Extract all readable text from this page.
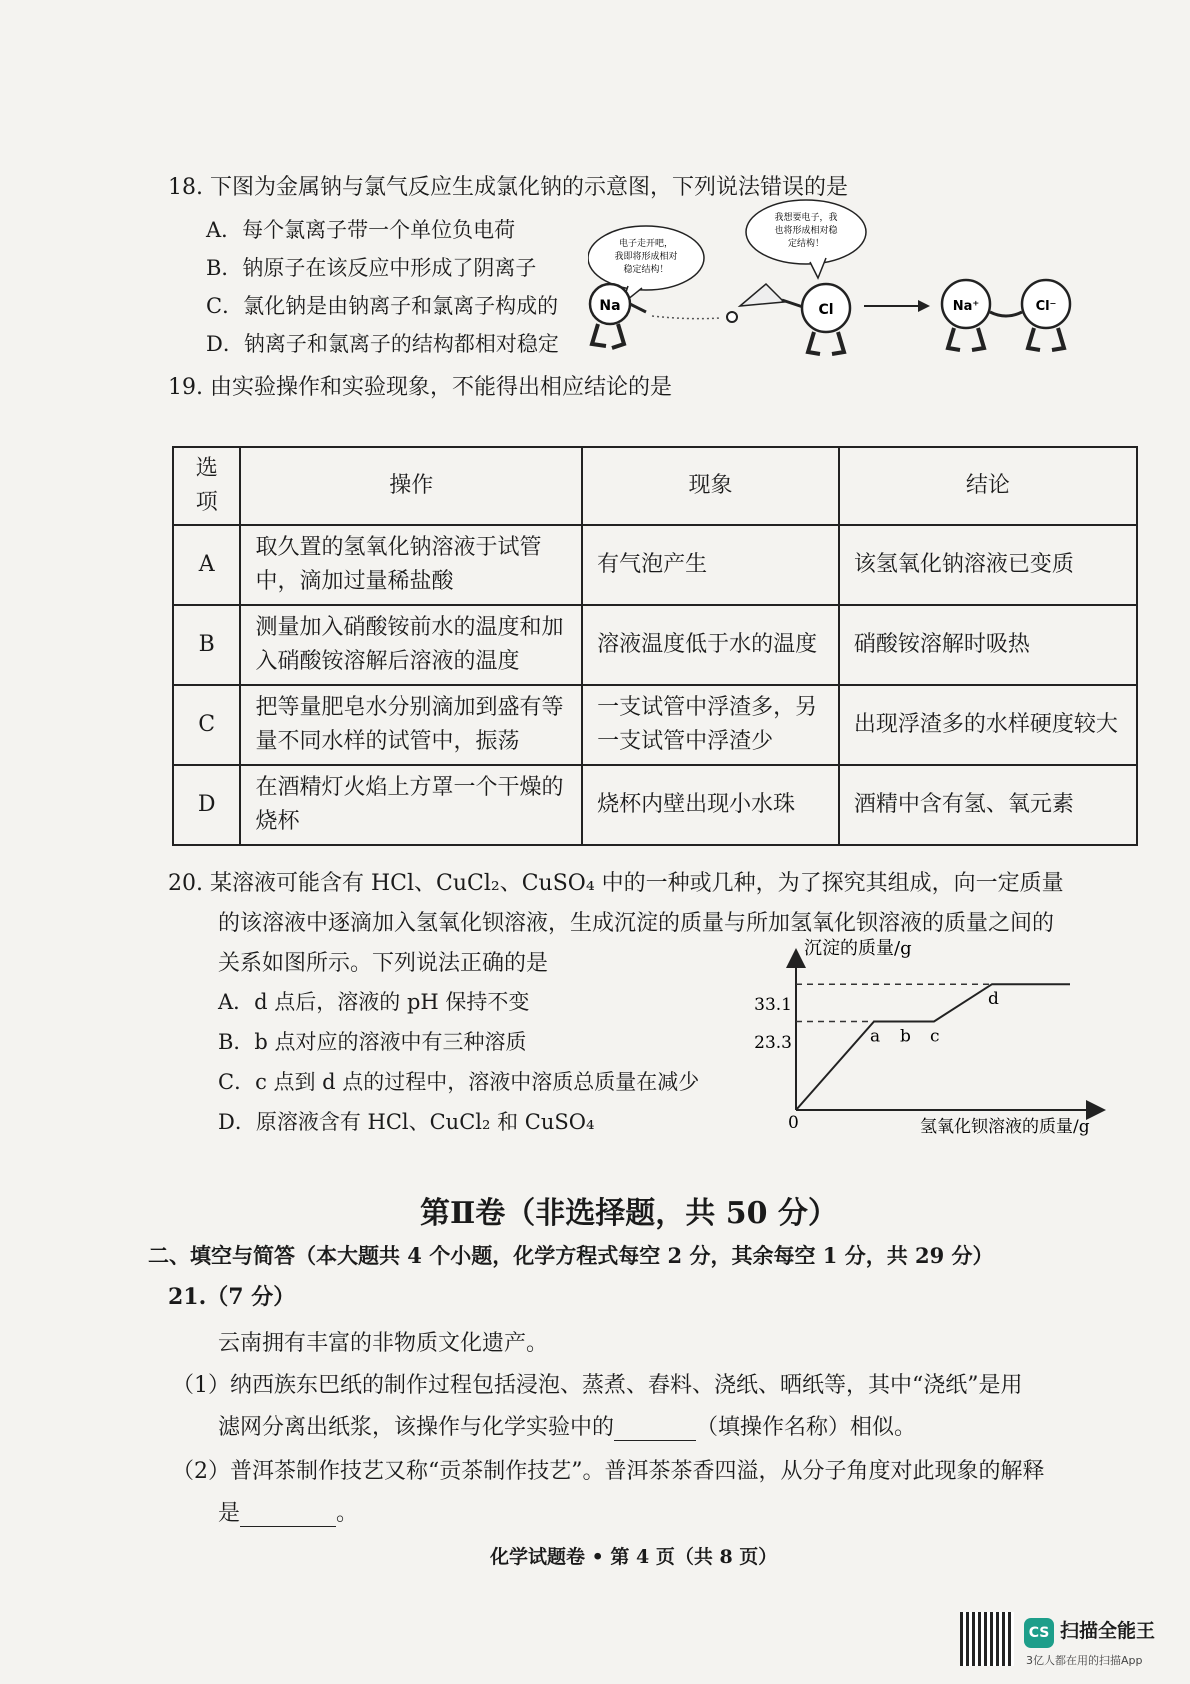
18. 下图为金属钠与氯气反应生成氯化钠的示意图，下列说法错误的是
A．每个氯离子带一个单位负电荷
B．钠原子在该反应中形成了阴离子
C．氯化钠是由钠离子和氯离子构成的
D．钠离子和氯离子的结构都相对稳定
电子走开吧，
我即将形成相对
稳定结构！
Na
我想要电子，我
也将形成相对稳
定结构！
Cl	Na⁺	Cl⁻
19. 由实验操作和实验现象，不能得出相应结论的是
选项	操作	现象	结论
A	取久置的氢氧化钠溶液于试管中，滴加过量稀盐酸	有气泡产生	该氢氧化钠溶液已变质
B	测量加入硝酸铵前水的温度和加入硝酸铵溶解后溶液的温度	溶液温度低于水的温度	硝酸铵溶解时吸热
C	把等量肥皂水分别滴加到盛有等量不同水样的试管中，振荡	一支试管中浮渣多，另一支试管中浮渣少	出现浮渣多的水样硬度较大
D	在酒精灯火焰上方罩一个干燥的烧杯	烧杯内壁出现小水珠	酒精中含有氢、氧元素
20. 某溶液可能含有 HCl、CuCl₂、CuSO₄ 中的一种或几种，为了探究其组成，向一定质量
的该溶液中逐滴加入氢氧化钡溶液，生成沉淀的质量与所加氢氧化钡溶液的质量之间的
关系如图所示。下列说法正确的是
A．d 点后，溶液的 pH 保持不变
B．b 点对应的溶液中有三种溶质
C．c 点到 d 点的过程中，溶液中溶质总质量在减少
D．原溶液含有 HCl、CuCl₂ 和 CuSO₄
沉淀的质量/g
氢氧化钡溶液的质量/g
0
33.1
23.3	a b c
d
第Ⅱ卷（非选择题，共 50 分）
二、填空与简答（本大题共 4 个小题，化学方程式每空 2 分，其余每空 1 分，共 29 分）
21.（7 分）
云南拥有丰富的非物质文化遗产。
（1）纳西族东巴纸的制作过程包括浸泡、蒸煮、舂料、浇纸、晒纸等，其中“浇纸”是用
滤网分离出纸浆，该操作与化学实验中的	（填操作名称）相似。
（2）普洱茶制作技艺又称“贡茶制作技艺”。普洱茶茶香四溢，从分子角度对此现象的解释
是	。
化学试题卷 • 第 4 页（共 8 页）
CS 扫描全能王
3亿人都在用的扫描App
